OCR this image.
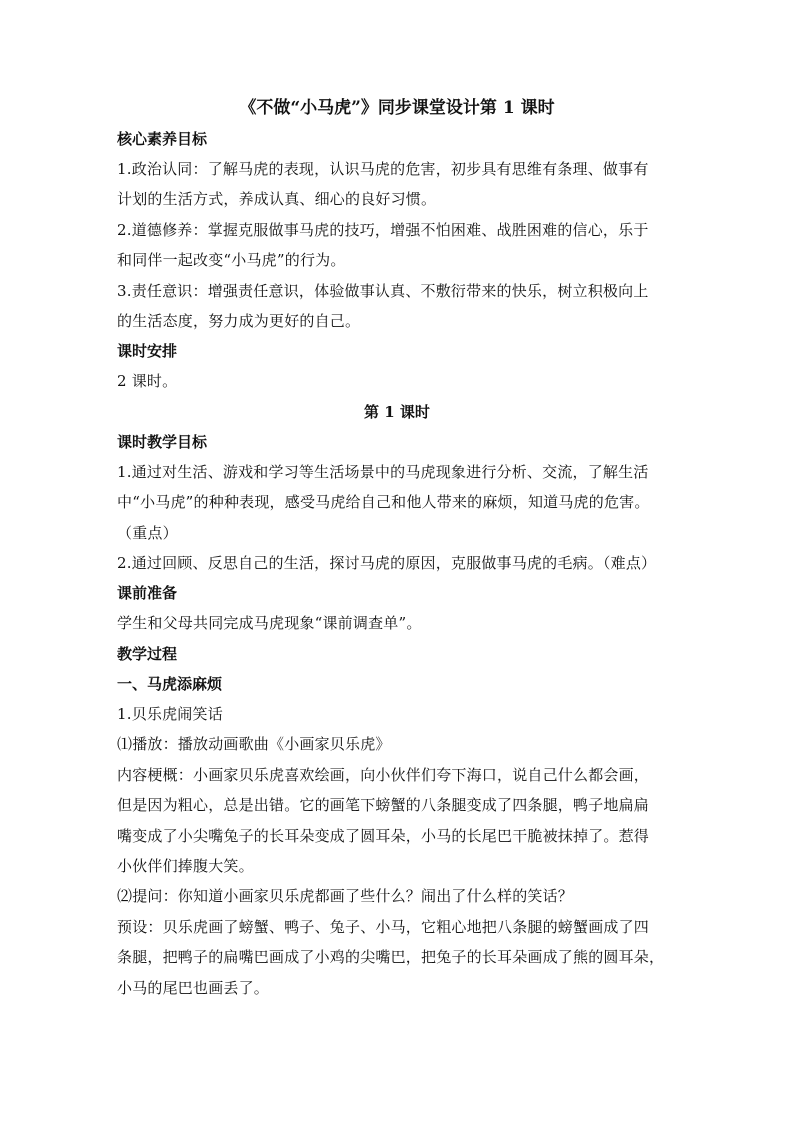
《不做“小马虎”》同步课堂设计第 1 课时
核心素养目标
1.政治认同：了解马虎的表现，认识马虎的危害，初步具有思维有条理、做事有
计划的生活方式，养成认真、细心的良好习惯。
2.道德修养：掌握克服做事马虎的技巧，增强不怕困难、战胜困难的信心，乐于
和同伴一起改变“小马虎”的行为。
3.责任意识：增强责任意识，体验做事认真、不敷衍带来的快乐，树立积极向上
的生活态度，努力成为更好的自己。
课时安排
2 课时。
第 1 课时
课时教学目标
1.通过对生活、游戏和学习等生活场景中的马虎现象进行分析、交流，了解生活
中“小马虎”的种种表现，感受马虎给自己和他人带来的麻烦，知道马虎的危害。
（重点）
2.通过回顾、反思自己的生活，探讨马虎的原因，克服做事马虎的毛病。（难点）
课前准备
学生和父母共同完成马虎现象“课前调查单”。
教学过程
一、马虎添麻烦
1.贝乐虎闹笑话
⑴播放：播放动画歌曲《小画家贝乐虎》
内容梗概：小画家贝乐虎喜欢绘画，向小伙伴们夸下海口，说自己什么都会画，
但是因为粗心，总是出错。它的画笔下螃蟹的八条腿变成了四条腿，鸭子地扁扁
嘴变成了小尖嘴兔子的长耳朵变成了圆耳朵，小马的长尾巴干脆被抹掉了。惹得
小伙伴们捧腹大笑。
⑵提问：你知道小画家贝乐虎都画了些什么？闹出了什么样的笑话？
预设：贝乐虎画了螃蟹、鸭子、兔子、小马，它粗心地把八条腿的螃蟹画成了四
条腿，把鸭子的扁嘴巴画成了小鸡的尖嘴巴，把兔子的长耳朵画成了熊的圆耳朵，
小马的尾巴也画丢了。
